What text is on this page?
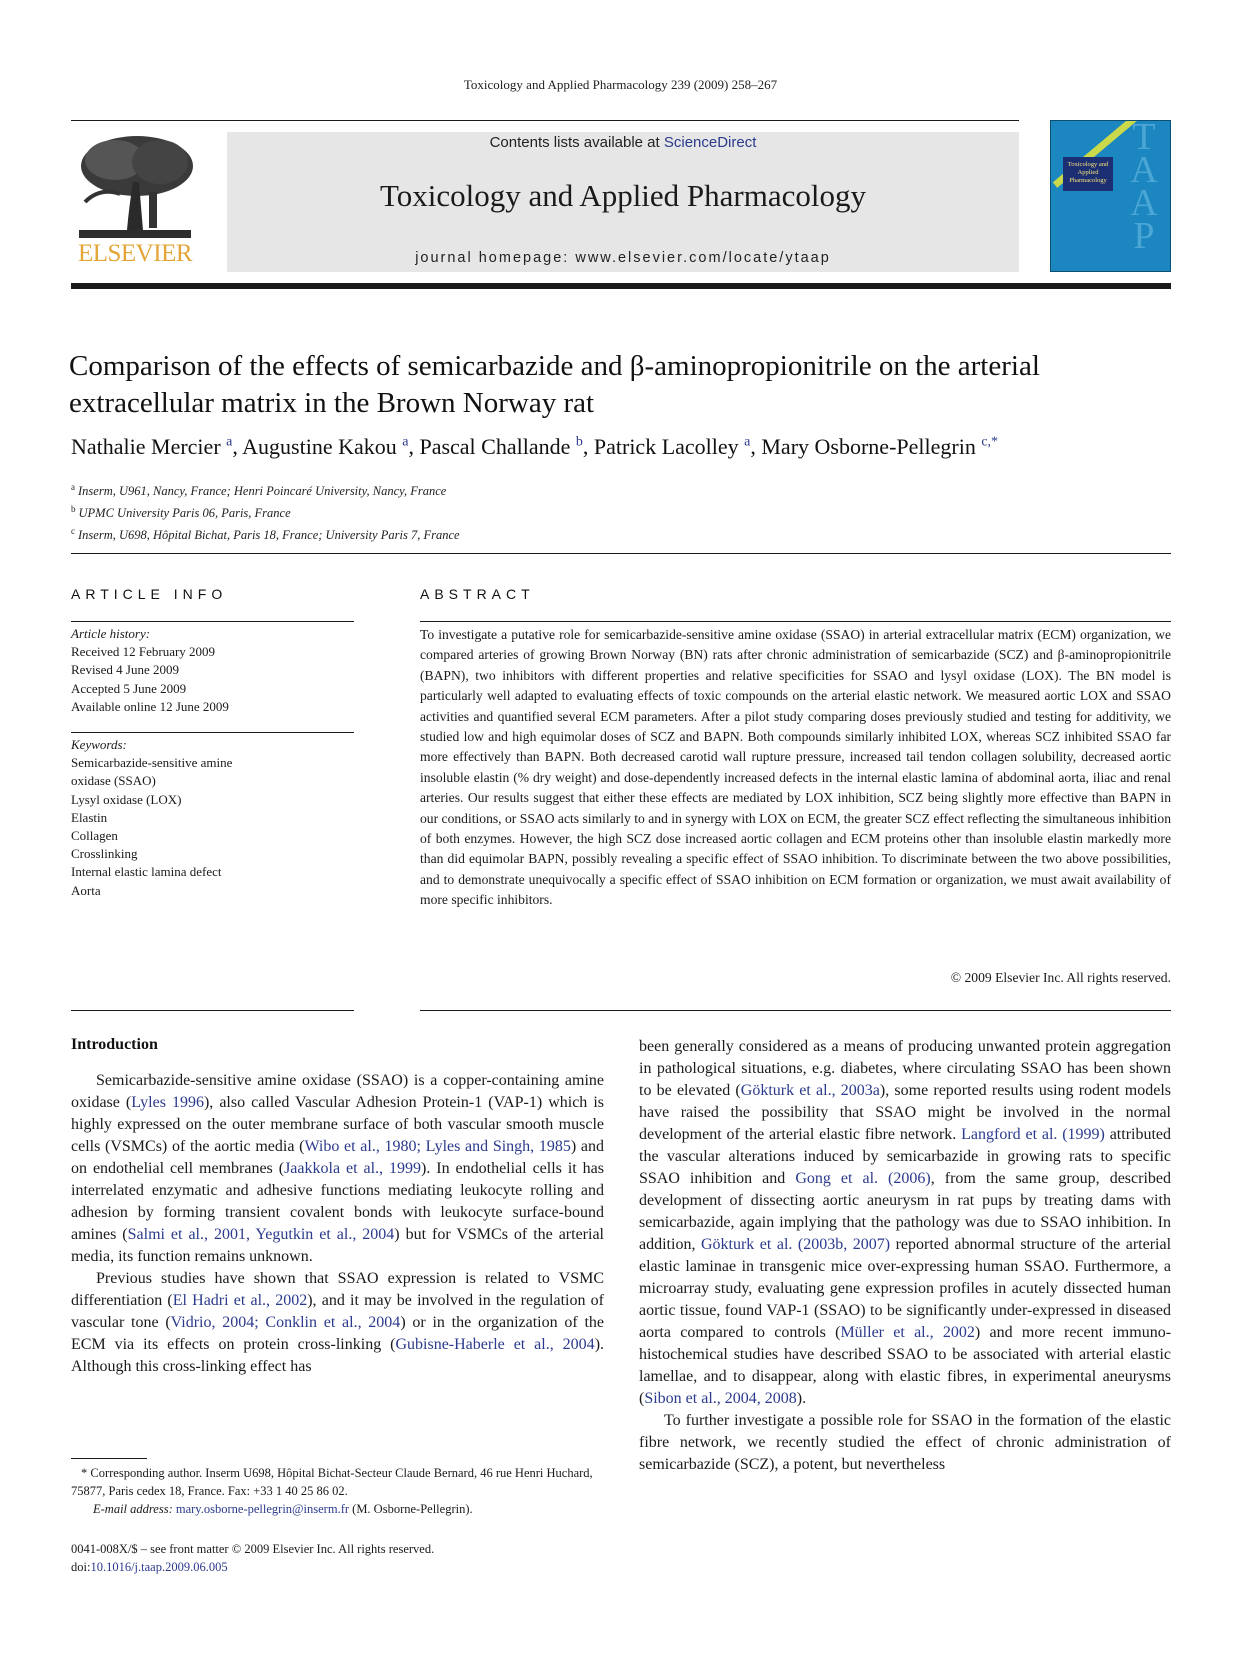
Toxicology and Applied Pharmacology 239 (2009) 258–267
ELSEVIER
Contents lists available at ScienceDirect
Toxicology and Applied Pharmacology
journal homepage: www.elsevier.com/locate/ytaap
T
A
A
P
Toxicology and Applied Pharmacology
Comparison of the effects of semicarbazide and β-aminopropionitrile on the arterial extracellular matrix in the Brown Norway rat
Nathalie Mercier $^a$, Augustine Kakou $^a$, Pascal Challande $^b$, Patrick Lacolley $^a$, Mary Osborne-Pellegrin $^{c,*}$
$^a$ Inserm, U961, Nancy, France; Henri Poincaré University, Nancy, France
$^b$ UPMC University Paris 06, Paris, France
$^c$ Inserm, U698, Hôpital Bichat, Paris 18, France; University Paris 7, France
ARTICLE INFO
Article history:
Received 12 February 2009
Revised 4 June 2009
Accepted 5 June 2009
Available online 12 June 2009
Keywords:
Semicarbazide-sensitive amine
oxidase (SSAO)
Lysyl oxidase (LOX)
Elastin
Collagen
Crosslinking
Internal elastic lamina defect
Aorta
ABSTRACT
To investigate a putative role for semicarbazide-sensitive amine oxidase (SSAO) in arterial extracellular matrix (ECM) organization, we compared arteries of growing Brown Norway (BN) rats after chronic administration of semicarbazide (SCZ) and β-aminopropionitrile (BAPN), two inhibitors with different properties and relative specificities for SSAO and lysyl oxidase (LOX). The BN model is particularly well adapted to evaluating effects of toxic compounds on the arterial elastic network. We measured aortic LOX and SSAO activities and quantified several ECM parameters. After a pilot study comparing doses previously studied and testing for additivity, we studied low and high equimolar doses of SCZ and BAPN. Both compounds similarly inhibited LOX, whereas SCZ inhibited SSAO far more effectively than BAPN. Both decreased carotid wall rupture pressure, increased tail tendon collagen solubility, decreased aortic insoluble elastin (% dry weight) and dose-dependently increased defects in the internal elastic lamina of abdominal aorta, iliac and renal arteries. Our results suggest that either these effects are mediated by LOX inhibition, SCZ being slightly more effective than BAPN in our conditions, or SSAO acts similarly to and in synergy with LOX on ECM, the greater SCZ effect reflecting the simultaneous inhibition of both enzymes. However, the high SCZ dose increased aortic collagen and ECM proteins other than insoluble elastin markedly more than did equimolar BAPN, possibly revealing a specific effect of SSAO inhibition. To discriminate between the two above possibilities, and to demonstrate unequivocally a specific effect of SSAO inhibition on ECM formation or organization, we must await availability of more specific inhibitors.
© 2009 Elsevier Inc. All rights reserved.
Introduction

Semicarbazide-sensitive amine oxidase (SSAO) is a copper-containing amine oxidase (Lyles 1996), also called Vascular Adhesion Protein-1 (VAP-1) which is highly expressed on the outer membrane surface of both vascular smooth muscle cells (VSMCs) of the aortic media (Wibo et al., 1980; Lyles and Singh, 1985) and on endothelial cell membranes (Jaakkola et al., 1999). In endothelial cells it has interrelated enzymatic and adhesive functions mediating leukocyte rolling and adhesion by forming transient covalent bonds with leukocyte surface-bound amines (Salmi et al., 2001, Yegutkin et al., 2004) but for VSMCs of the arterial media, its function remains unknown.

Previous studies have shown that SSAO expression is related to VSMC differentiation (El Hadri et al., 2002), and it may be involved in the regulation of vascular tone (Vidrio, 2004; Conklin et al., 2004) or in the organization of the ECM via its effects on protein cross-linking (Gubisne-Haberle et al., 2004). Although this cross-linking effect has

been generally considered as a means of producing unwanted protein aggregation in pathological situations, e.g. diabetes, where circulating SSAO has been shown to be elevated (Gökturk et al., 2003a), some reported results using rodent models have raised the possibility that SSAO might be involved in the normal development of the arterial elastic fibre network. Langford et al. (1999) attributed the vascular alterations induced by semicarbazide in growing rats to specific SSAO inhibition and Gong et al. (2006), from the same group, described development of dissecting aortic aneurysm in rat pups by treating dams with semicarbazide, again implying that the pathology was due to SSAO inhibition. In addition, Gökturk et al. (2003b, 2007) reported abnormal structure of the arterial elastic laminae in transgenic mice over-expressing human SSAO. Furthermore, a microarray study, evaluating gene expression profiles in acutely dissected human aortic tissue, found VAP-1 (SSAO) to be significantly under-expressed in diseased aorta compared to controls (Müller et al., 2002) and more recent immuno-histochemical studies have described SSAO to be associated with arterial elastic lamellae, and to disappear, along with elastic fibres, in experimental aneurysms (Sibon et al., 2004, 2008).

To further investigate a possible role for SSAO in the formation of the elastic fibre network, we recently studied the effect of chronic administration of semicarbazide (SCZ), a potent, but nevertheless

* Corresponding author. Inserm U698, Hôpital Bichat-Secteur Claude Bernard, 46 rue Henri Huchard, 75877, Paris cedex 18, France. Fax: +33 1 40 25 86 02.
E-mail address: mary.osborne-pellegrin@inserm.fr (M. Osborne-Pellegrin).
0041-008X/$ – see front matter © 2009 Elsevier Inc. All rights reserved.
doi:10.1016/j.taap.2009.06.005
